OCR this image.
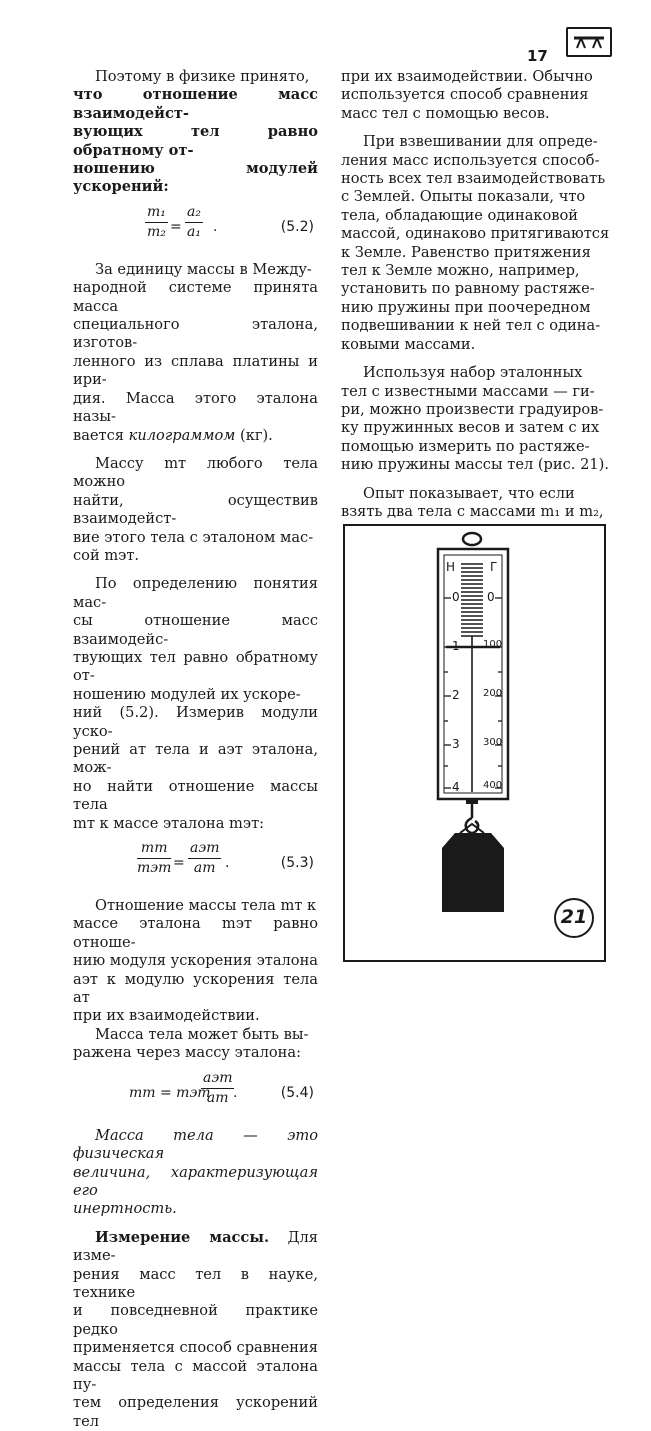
17

Поэтому в физике принято,
что отношение масс взаимодейст-
вующих тел равно обратному от-
ношению модулей ускорений:

$\frac{\text{m₁}}{\text{m₂}} = \frac{\text{a₂}}{\text{a₁}}$ .	(5.2)

За единицу массы в Между-
народной системе принята масса
специального эталона, изготов-
ленного из сплава платины и ири-
дия. Масса этого эталона назы-
вается килограммом (кг).

Массу mт любого тела можно
найти, осуществив взаимодейст-
вие этого тела с эталоном мас-
сой mэт.

По определению понятия мас-
сы отношение масс взаимодейс-
твующих тел равно обратному от-
ношению модулей их ускоре-
ний (5.2). Измерив модули уско-
рений aт тела и aэт эталона, мож-
но найти отношение массы тела
mт к массе эталона mэт:

mт
mэт =
aэт
aт .	(5.3)

Отношение массы тела mт к
массе эталона mэт равно отноше-
нию модуля ускорения эталона
aэт к модулю ускорения тела aт
при их взаимодействии.

Масса тела может быть вы-
ражена через массу эталона:

mт = mэт
aэт
aт .	(5.4)

Масса тела — это физическая
величина, характеризующая его
инертность.

Измерение массы. Для изме-
рения масс тел в науке, технике
и повседневной практике редко
применяется способ сравнения
массы тела с массой эталона пу-
тем определения ускорений тел

при их взаимодействии. Обычно
используется способ сравнения
масс тел с помощью весов.

При взвешивании для опреде-
ления масс используется способ-
ность всех тел взаимодействовать
с Землей. Опыты показали, что
тела, обладающие одинаковой
массой, одинаково притягиваются
к Земле. Равенство притяжения
тел к Земле можно, например,
установить по равному растяже-
нию пружины при поочередном
подвешивании к ней тел с одина-
ковыми массами.

Используя набор эталонных
тел с известными массами — ги-
ри, можно произвести градуиров-
ку пружинных весов и затем с их
помощью измерить по растяже-
нию пружины массы тел (рис. 21).

Опыт показывает, что если
взять два тела с массами m₁ и m₂,

Н	Г
0
1
2
3
4
0
100
200
300
400
21
